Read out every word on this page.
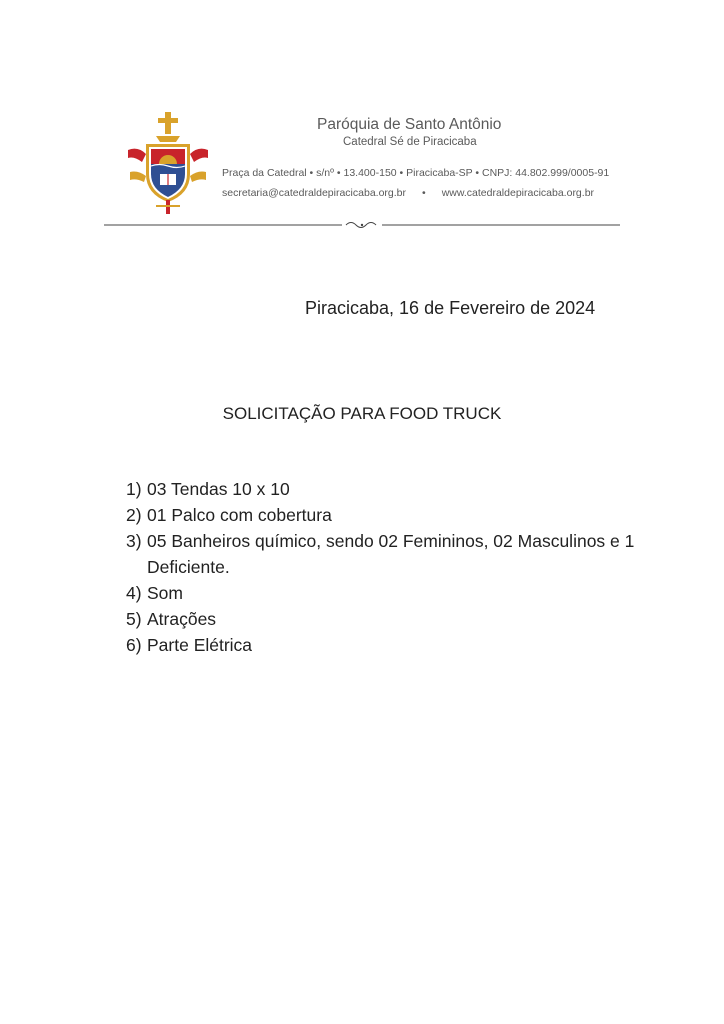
Paróquia de Santo Antônio
Catedral Sé de Piracicaba
Praça da Catedral • s/nº • 13.400-150 • Piracicaba-SP • CNPJ: 44.802.999/0005-91
secretaria@catedraldepiracicaba.org.br • www.catedraldepiracicaba.org.br
Piracicaba, 16 de Fevereiro de 2024
SOLICITAÇÃO PARA FOOD TRUCK
1) 03 Tendas 10 x 10
2) 01 Palco com cobertura
3) 05 Banheiros químico, sendo 02 Femininos, 02 Masculinos e 1 Deficiente.
4) Som
5) Atrações
6) Parte Elétrica
